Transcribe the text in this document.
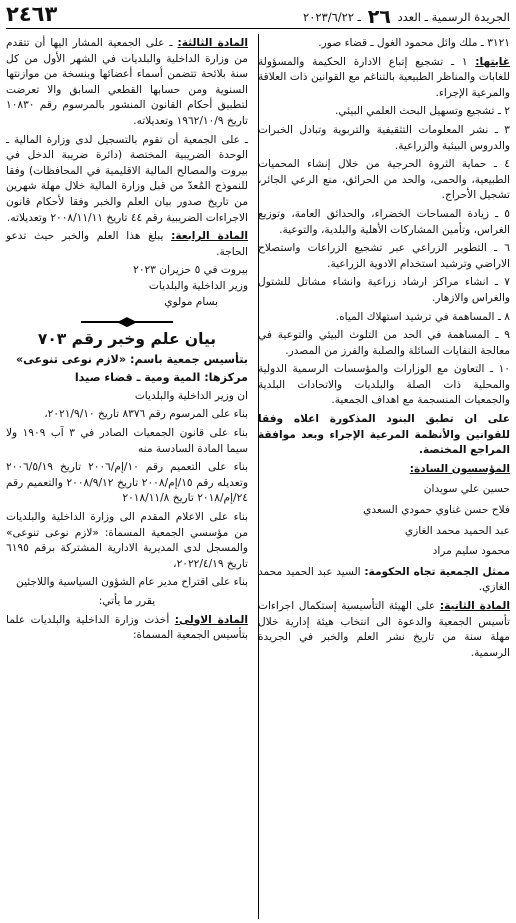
الجريدة الرسمية ـ العدد ٢٦ ـ ٢٠٢٣/٦/٢٢
٢٤٦٣

٣١٢١ ـ ملك وائل محمود الغول ـ قضاء صور.

غايتها: ١ ـ تشجيع إتباع الادارة الحكيمة والمسؤولة للغابات والمناظر الطبيعية بالتناغم مع القوانين ذات العلاقة والمرعية الإجراء.

٢ ـ تشجيع وتسهيل البحث العلمي البيئي.

٣ ـ نشر المعلومات التثقيفية والتربوية وتبادل الخبرات والدروس البيئية والزراعية.

٤ ـ حماية الثروة الحرجية من خلال إنشاء المحميات الطبيعية، والحمى، والحد من الحرائق، منع الرعي الجائر، تشجيل الأحراج.

٥ ـ زيادة المساحات الخضراء، والحدائق العامة، وتوزيع الغراس، وتأمين المشاركات الأهلية والبلدية، والتوعية.

٦ ـ التطوير الزراعي عبر تشجيع الزراعات واستصلاح الاراضي وترشيد استخدام الادوية الزراعية.

٧ ـ انشاء مراكز ارشاد زراعية وانشاء مشاتل للشتول والغراس والازهار.

٨ ـ المساهمة في ترشيد استهلاك المياه.

٩ ـ المساهمة في الحد من التلوث البيئي والتوعية في معالجة النفايات السائلة والصلبة والفرز من المصدر.

١٠ ـ التعاون مع الوزارات والمؤسسات الرسمية الدولية والمحلية ذات الصلة والبلديات والاتحادات البلدية والجمعيات المنسجمة مع اهداف الجمعية.

على ان تطبق البنود المذكورة اعلاه وفقا للقوانين والأنظمة المرعية الإجراء وبعد موافقة المراجع المختصة.

المؤسسون السادة:

حسين علي سويدان

فلاح حسن غناوي حمودي السعدي

عبد الحميد محمد الغازي

محمود سليم مراد

ممثل الجمعية تجاه الحكومة: السيد عبد الحميد محمد الغازي.

المادة الثانية: على الهيئة التأسيسية إستكمال اجراءات تأسيس الجمعية والدعوة الى انتخاب هيئة إدارية خلال مهلة سنة من تاريخ نشر العلم والخبر في الجريدة الرسمية.

المادة الثالثة: ـ على الجمعية المشار اليها أن تتقدم من وزارة الداخلية والبلديات في الشهر الأول من كل سنة بلائحة تتضمن أسماء أعضائها وبنسخة من موازنتها السنوية ومن حسابها القطعي السابق والا تعرضت لتطبيق أحكام القانون المنشور بالمرسوم رقم ١٠٨٣٠ تاريخ ١٩٦٢/١٠/٩ وتعديلاته.

ـ على الجمعية أن تقوم بالتسجيل لدى وزارة المالية ـ الوحدة الضريبية المختصة (دائرة ضريبة الدخل في بيروت والمصالح المالية الاقليمية في المحافظات) وفقا للنموذج المُعدّ من قبل وزارة المالية خلال مهلة شهرين من تاريخ صدور بيان العلم والخبر وفقا لأحكام قانون الاجراءات الضريبية رقم ٤٤ تاريخ ٢٠٠٨/١١/١١ وتعديلاته.

المادة الرابعة: يبلغ هذا العلم والخبر حيث تدعو الحاجة.

بيروت في ٥ حزيران ٢٠٢٣

وزير الداخلية والبلديات

بسام مولوي

بيان علم وخبر رقم ٧٠٣

بتأسيس جمعية باسم: «لازم نوعى تنوعى»

مركزها: المية ومية ـ قضاء صيدا

ان وزير الداخلية والبلديات

بناء على المرسوم رقم ٨٣٧٦ تاريخ ٢٠٢١/٩/١٠،

بناء على قانون الجمعيات الصادر في ٣ آب ١٩٠٩ ولا سيما المادة السادسة منه

بناء على التعميم رقم ١٠/إم/٢٠٠٦ تاريخ ٢٠٠٦/٥/١٩ وتعديله رقم ١٥/إم/٢٠٠٨ تاريخ ٢٠٠٨/٩/١٢ والتعميم رقم ٢٤/إم/٢٠١٨ تاريخ ٢٠١٨/١١/٨

بناء على الاعلام المقدم الى وزارة الداخلية والبلديات من مؤسسي الجمعية المسماة: «لازم نوعى تنوعى» والمسجل لدى المديرية الادارية المشتركة برقم ٦١٩٥ تاريخ ٢٠٢٢/٤/١٩،

بناء على اقتراح مدير عام الشؤون السياسية واللاجئين

يقرر ما يأتي:

المادة الاولى: أخذت وزارة الداخلية والبلديات علما بتأسيس الجمعية المسماة:
